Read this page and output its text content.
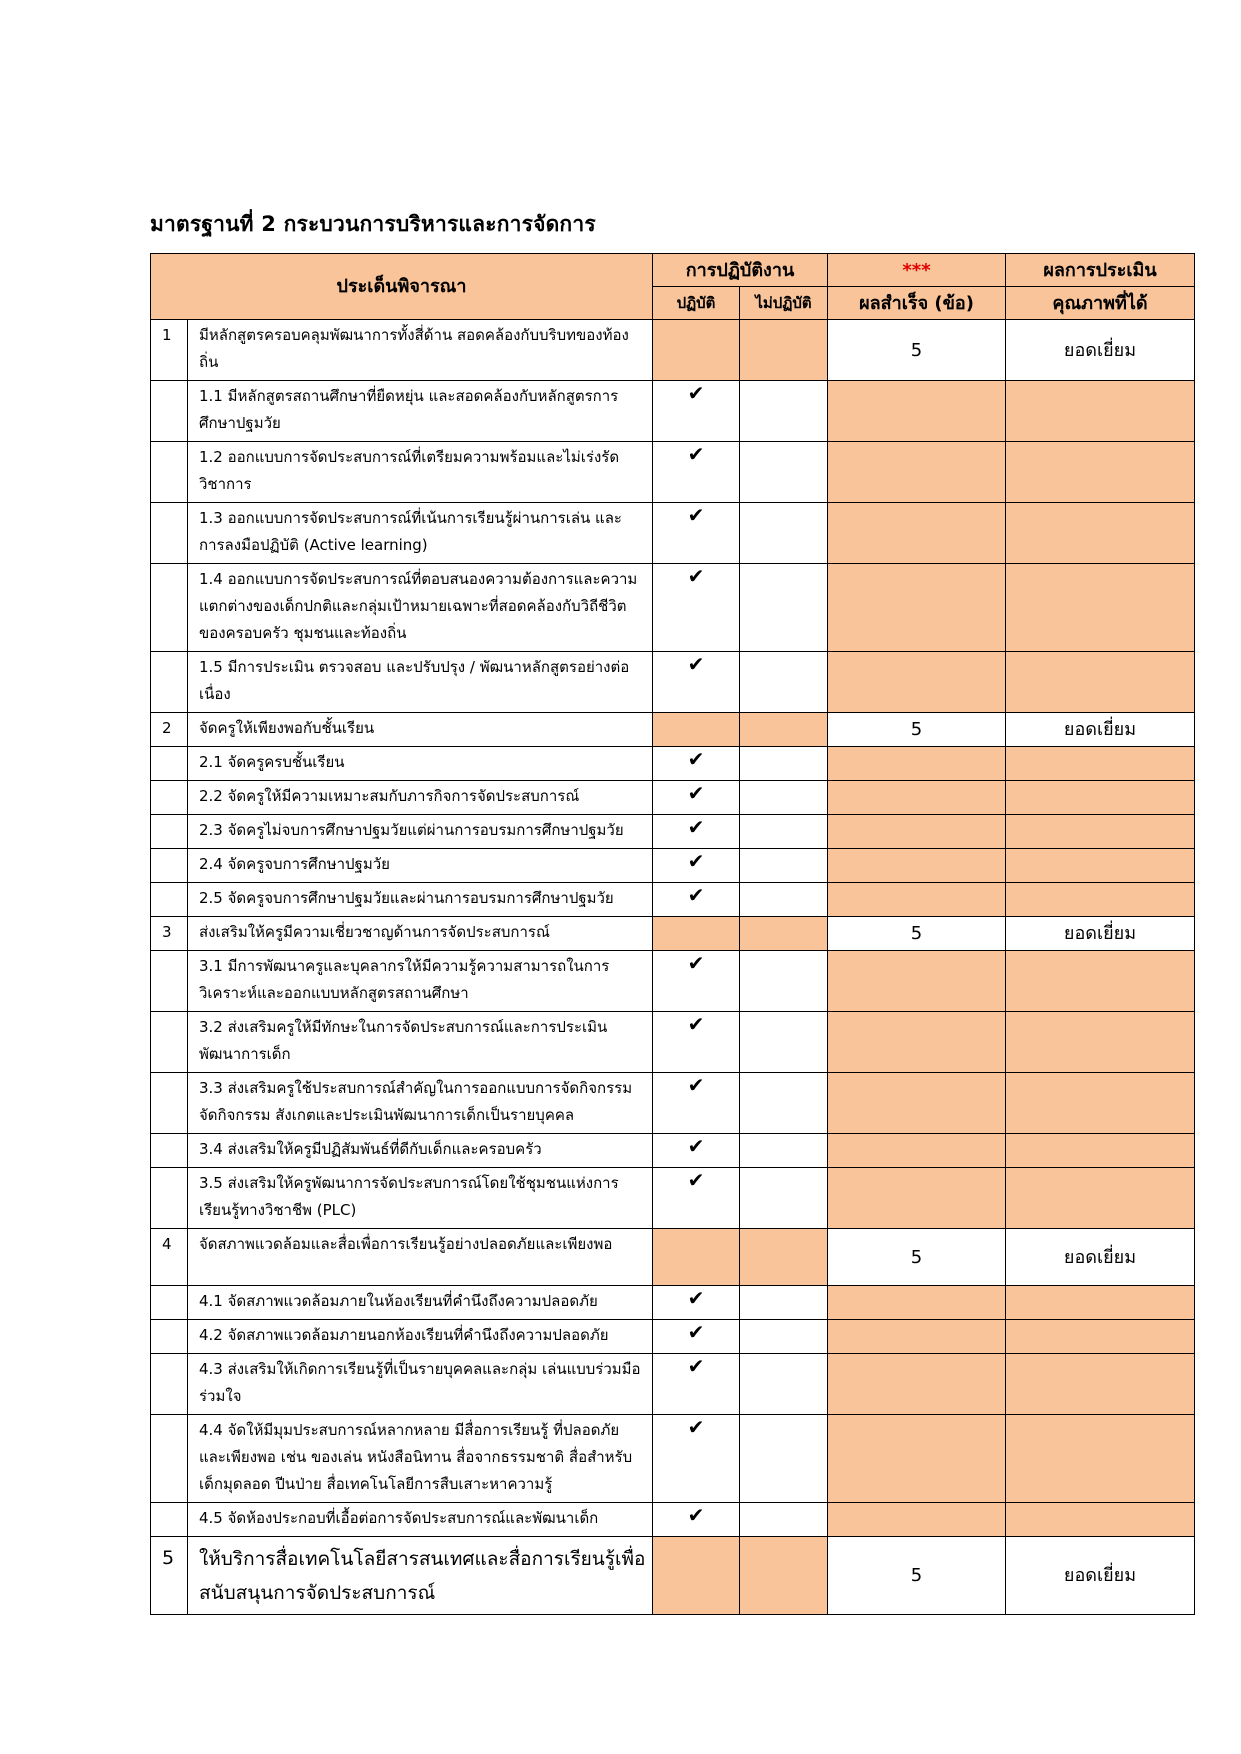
มาตรฐานที่ 2 กระบวนการบริหารและการจัดการ
ประเด็นพิจารณา		การปฏิบัติงาน		***	ผลการประเมิน
		ปฏิบัติ	ไม่ปฏิบัติ	ผลสำเร็จ (ข้อ)	คุณภาพที่ได้
1	มีหลักสูตรครอบคลุมพัฒนาการทั้งสี่ด้าน สอดคล้องกับบริบทของท้องถิ่น			5	ยอดเยี่ยม
	1.1 มีหลักสูตรสถานศึกษาที่ยืดหยุ่น และสอดคล้องกับหลักสูตรการศึกษาปฐมวัย	✔			
	1.2 ออกแบบการจัดประสบการณ์ที่เตรียมความพร้อมและไม่เร่งรัดวิชาการ	✔			
	1.3 ออกแบบการจัดประสบการณ์ที่เน้นการเรียนรู้ผ่านการเล่น และการลงมือปฏิบัติ (Active learning)	✔			
	1.4 ออกแบบการจัดประสบการณ์ที่ตอบสนองความต้องการและความแตกต่างของเด็กปกติและกลุ่มเป้าหมายเฉพาะที่สอดคล้องกับวิถีชีวิตของครอบครัว ชุมชนและท้องถิ่น	✔			
	1.5 มีการประเมิน ตรวจสอบ และปรับปรุง / พัฒนาหลักสูตรอย่างต่อเนื่อง	✔			
2	จัดครูให้เพียงพอกับชั้นเรียน			5	ยอดเยี่ยม
	2.1 จัดครูครบชั้นเรียน	✔			
	2.2 จัดครูให้มีความเหมาะสมกับภารกิจการจัดประสบการณ์	✔			
	2.3 จัดครูไม่จบการศึกษาปฐมวัยแต่ผ่านการอบรมการศึกษาปฐมวัย	✔			
	2.4 จัดครูจบการศึกษาปฐมวัย	✔			
	2.5 จัดครูจบการศึกษาปฐมวัยและผ่านการอบรมการศึกษาปฐมวัย	✔			
3	ส่งเสริมให้ครูมีความเชี่ยวชาญด้านการจัดประสบการณ์			5	ยอดเยี่ยม
	3.1 มีการพัฒนาครูและบุคลากรให้มีความรู้ความสามารถในการวิเคราะห์และออกแบบหลักสูตรสถานศึกษา	✔			
	3.2 ส่งเสริมครูให้มีทักษะในการจัดประสบการณ์และการประเมินพัฒนาการเด็ก	✔			
	3.3 ส่งเสริมครูใช้ประสบการณ์สำคัญในการออกแบบการจัดกิจกรรม จัดกิจกรรม สังเกตและประเมินพัฒนาการเด็กเป็นรายบุคคล	✔			
	3.4 ส่งเสริมให้ครูมีปฏิสัมพันธ์ที่ดีกับเด็กและครอบครัว	✔			
	3.5 ส่งเสริมให้ครูพัฒนาการจัดประสบการณ์โดยใช้ชุมชนแห่งการเรียนรู้ทางวิชาชีพ (PLC)	✔			
4	จัดสภาพแวดล้อมและสื่อเพื่อการเรียนรู้อย่างปลอดภัยและเพียงพอ			5	ยอดเยี่ยม
	4.1 จัดสภาพแวดล้อมภายในห้องเรียนที่คำนึงถึงความปลอดภัย	✔			
	4.2 จัดสภาพแวดล้อมภายนอกห้องเรียนที่คำนึงถึงความปลอดภัย	✔			
	4.3 ส่งเสริมให้เกิดการเรียนรู้ที่เป็นรายบุคคลและกลุ่ม เล่นแบบร่วมมือร่วมใจ	✔			
	4.4 จัดให้มีมุมประสบการณ์หลากหลาย มีสื่อการเรียนรู้ ที่ปลอดภัยและเพียงพอ เช่น ของเล่น หนังสือนิทาน สื่อจากธรรมชาติ สื่อสำหรับเด็กมุดลอด ปีนป่าย สื่อเทคโนโลยีการสืบเสาะหาความรู้	✔			
	4.5 จัดห้องประกอบที่เอื้อต่อการจัดประสบการณ์และพัฒนาเด็ก	✔			
5	ให้บริการสื่อเทคโนโลยีสารสนเทศและสื่อการเรียนรู้เพื่อสนับสนุนการจัดประสบการณ์			5	ยอดเยี่ยม
